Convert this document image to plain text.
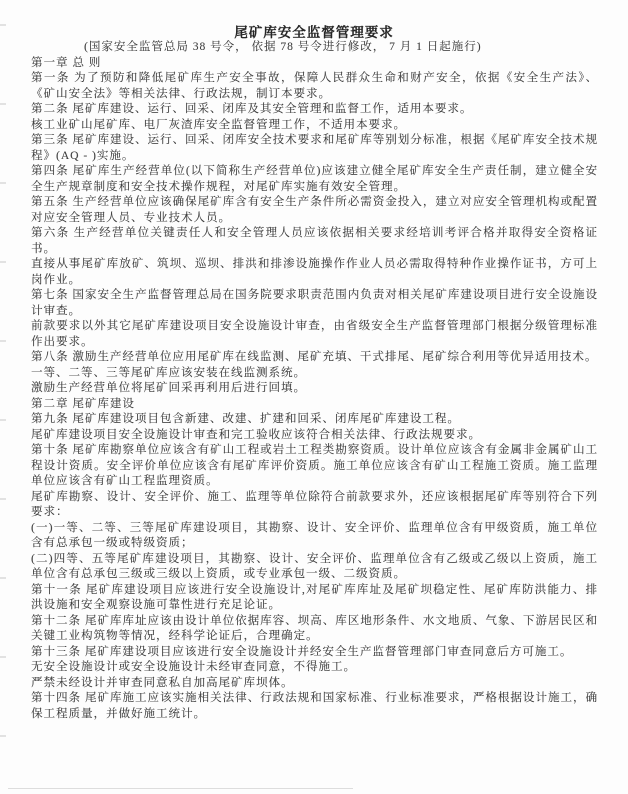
尾矿库安全监督管理要求

(国家安全监管总局 38 号令， 依据 78 号令进行修改， 7 月 1 日起施行)

第一章 总 则

第一条 为了预防和降低尾矿库生产安全事故，保障人民群众生命和财产安全，依据《安全生产法》、《矿山安全法》等相关法律、行政法规，制订本要求。

第二条 尾矿库建设、运行、回采、闭库及其安全管理和监督工作，适用本要求。

核工业矿山尾矿库、电厂灰渣库安全监督管理工作，不适用本要求。

第三条 尾矿库建设、运行、回采、闭库安全技术要求和尾矿库等别划分标准，根据《尾矿库安全技术规程》(AQ - )实施。

第四条 尾矿库生产经营单位(以下简称生产经营单位)应该建立健全尾矿库安全生产责任制，建立健全安全生产规章制度和安全技术操作规程，对尾矿库实施有效安全管理。

第五条 生产经营单位应该确保尾矿库含有安全生产条件所必需资金投入，建立对应安全管理机构或配置对应安全管理人员、专业技术人员。

第六条 生产经营单位关键责任人和安全管理人员应该依据相关要求经培训考评合格并取得安全资格证书。

直接从事尾矿库放矿、筑坝、巡坝、排洪和排渗设施操作作业人员必需取得特种作业操作证书，方可上岗作业。

第七条 国家安全生产监督管理总局在国务院要求职责范围内负责对相关尾矿库建设项目进行安全设施设计审查。

前款要求以外其它尾矿库建设项目安全设施设计审查，由省级安全生产监督管理部门根据分级管理标准作出要求。

第八条 激励生产经营单位应用尾矿库在线监测、尾矿充填、干式排尾、尾矿综合利用等优异适用技术。

一等、二等、三等尾矿库应该安装在线监测系统。

激励生产经营单位将尾矿回采再利用后进行回填。

第二章 尾矿库建设

第九条 尾矿库建设项目包含新建、改建、扩建和回采、闭库尾矿库建设工程。

尾矿库建设项目安全设施设计审查和完工验收应该符合相关法律、行政法规要求。

第十条 尾矿库勘察单位应该含有矿山工程或岩土工程类勘察资质。设计单位应该含有金属非金属矿山工程设计资质。安全评价单位应该含有尾矿库评价资质。施工单位应该含有矿山工程施工资质。施工监理单位应该含有矿山工程监理资质。

尾矿库勘察、设计、安全评价、施工、监理等单位除符合前款要求外，还应该根据尾矿库等别符合下列要求：

(一)一等、二等、三等尾矿库建设项目，其勘察、设计、安全评价、监理单位含有甲级资质，施工单位含有总承包一级或特级资质；

(二)四等、五等尾矿库建设项目，其勘察、设计、安全评价、监理单位含有乙级或乙级以上资质，施工单位含有总承包三级或三级以上资质，或专业承包一级、二级资质。

第十一条 尾矿库建设项目应该进行安全设施设计,对尾矿库库址及尾矿坝稳定性、尾矿库防洪能力、排洪设施和安全观察设施可靠性进行充足论证。

第十二条 尾矿库库址应该由设计单位依据库容、坝高、库区地形条件、水文地质、气象、下游居民区和关键工业构筑物等情况，经科学论证后，合理确定。

第十三条 尾矿库建设项目应该进行安全设施设计并经安全生产监督管理部门审查同意后方可施工。

无安全设施设计或安全设施设计未经审查同意，不得施工。

严禁未经设计并审查同意私自加高尾矿库坝体。

第十四条 尾矿库施工应该实施相关法律、行政法规和国家标准、行业标准要求，严格根据设计施工，确保工程质量，并做好施工统计。
